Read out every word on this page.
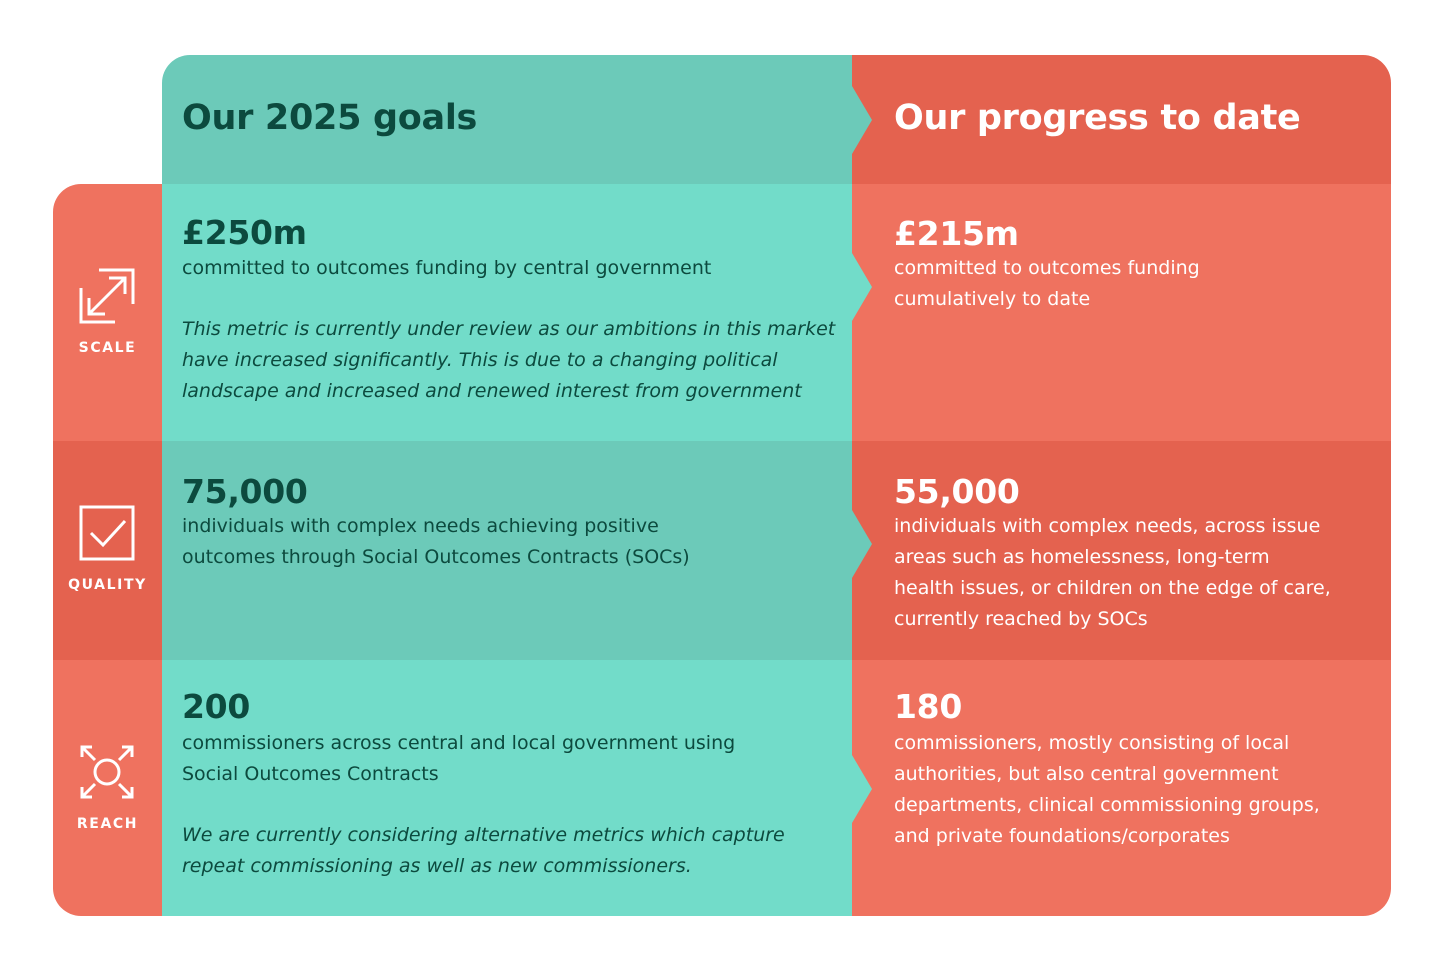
Our 2025 goals	Our progress to date
SCALE
£250m
committed to outcomes funding by central government
This metric is currently under review as our ambitions in this market
have increased significantly. This is due to a changing political
landscape and increased and renewed interest from government
£215m
committed to outcomes funding
cumulatively to date
QUALITY
75,000
individuals with complex needs achieving positive
outcomes through Social Outcomes Contracts (SOCs)
55,000
individuals with complex needs, across issue
areas such as homelessness, long-term
health issues, or children on the edge of care,
currently reached by SOCs
REACH
200
commissioners across central and local government using
Social Outcomes Contracts
We are currently considering alternative metrics which capture
repeat commissioning as well as new commissioners.
180
commissioners, mostly consisting of local
authorities, but also central government
departments, clinical commissioning groups,
and private foundations/corporates
